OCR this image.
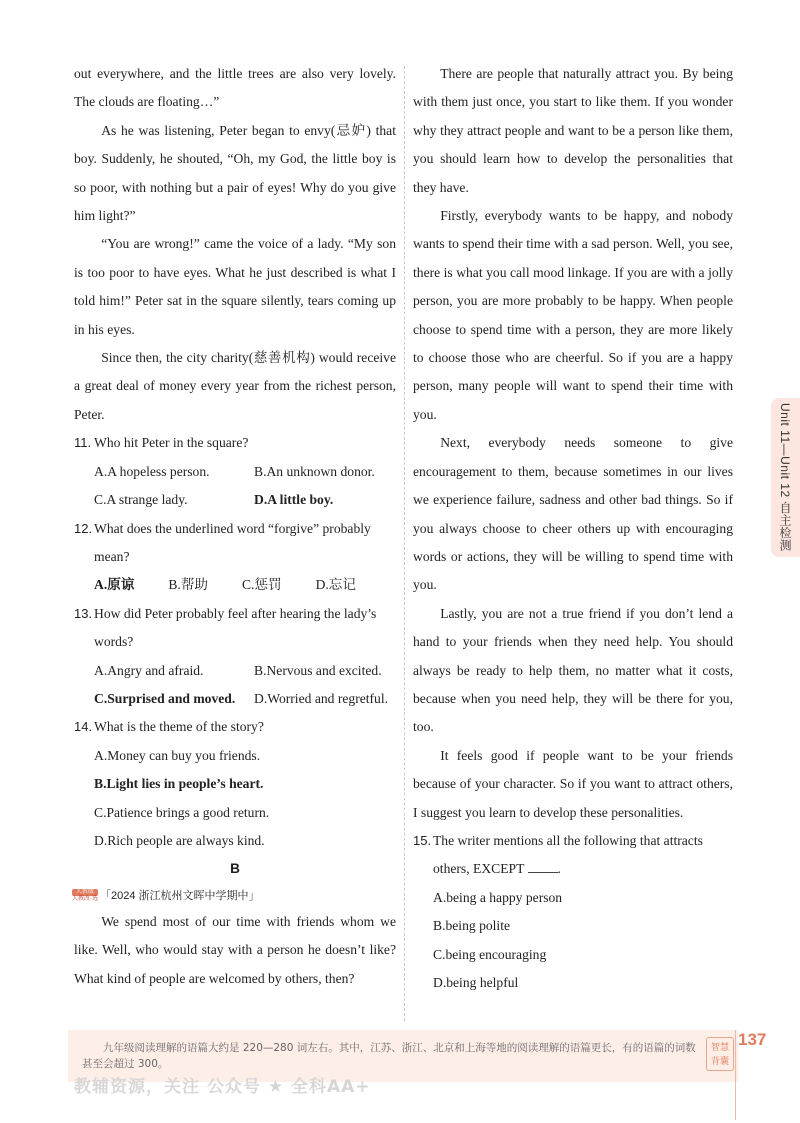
out everywhere, and the little trees are also very lovely. The clouds are floating…”

As he was listening, Peter began to envy(忌妒) that boy. Suddenly, he shouted, “Oh, my God, the little boy is so poor, with nothing but a pair of eyes! Why do you give him light?”

“You are wrong!” came the voice of a lady. “My son is too poor to have eyes. What he just described is what I told him!” Peter sat in the square silently, tears coming up in his eyes.

Since then, the city charity(慈善机构) would receive a great deal of money every year from the richest person, Peter.

11. Who hit Peter in the square?
A.A hopeless person.	B.An unknown donor.
C.A strange lady.	D.A little boy.
12. What does the underlined word “forgive” probably mean?
A.原谅 B.帮助 C.惩罚 D.忘记
13. How did Peter probably feel after hearing the lady’s words?
A.Angry and afraid.	B.Nervous and excited.
C.Surprised and moved.	D.Worried and regretful.
14. What is the theme of the story?

A.Money can buy you friends.

B.Light lies in people’s heart.

C.Patience brings a good return.

D.Rich people are always kind.

B
人教版
人教改·选 「2024 浙江杭州文晖中学期中」

We spend most of our time with friends whom we like. Well, who would stay with a person he doesn’t like? What kind of people are welcomed by others, then?

There are people that naturally attract you. By being with them just once, you start to like them. If you wonder why they attract people and want to be a person like them, you should learn how to develop the personalities that they have.

Firstly, everybody wants to be happy, and nobody wants to spend their time with a sad person. Well, you see, there is what you call mood linkage. If you are with a jolly person, you are more probably to be happy. When people choose to spend time with a person, they are more likely to choose those who are cheerful. So if you are a happy person, many people will want to spend their time with you.

Next, everybody needs someone to give encouragement to them, because sometimes in our lives we experience failure, sadness and other bad things. So if you always choose to cheer others up with encouraging words or actions, they will be willing to spend time with you.

Lastly, you are not a true friend if you don’t lend a hand to your friends when they need help. You should always be ready to help them, no matter what it costs, because when you need help, they will be there for you, too.

It feels good if people want to be your friends because of your character. So if you want to attract others, I suggest you learn to develop these personalities.

15. The writer mentions all the following that attracts others, EXCEPT .

A.being a happy person

B.being polite

C.being encouraging

D.being helpful

Unit 11—Unit 12 自主检测
九年级阅读理解的语篇大约是 220—280 词左右。其中，江苏、浙江、北京和上海等地的阅读理解的语篇更长，有的语篇的词数甚至会超过 300。
教辅资源，关注 公众号 ★ 全科AA+
智慧
背囊
137
